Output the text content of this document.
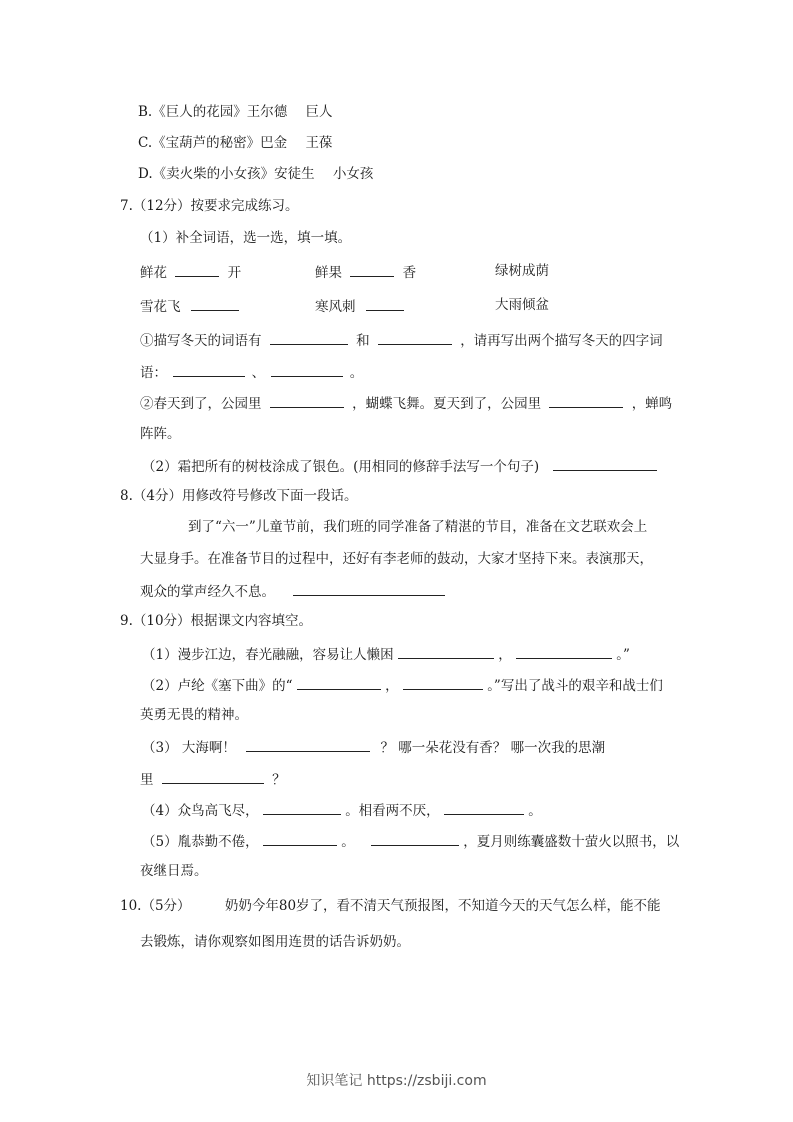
B.《巨人的花园》王尔德 巨人
C.《宝葫芦的秘密》巴金 王葆
D.《卖火柴的小女孩》安徒生 小女孩
7.（12分）按要求完成练习。
（1）补全词语，选一选，填一填。
鲜花	开	鲜果	香	绿树成荫
雪花飞	寒风刺	大雨倾盆
①描写冬天的词语有	和	，请再写出两个描写冬天的四字词
语：	、	。
②春天到了，公园里	，蝴蝶飞舞。夏天到了，公园里	，蝉鸣
阵阵。
（2）霜把所有的树枝涂成了银色。(用相同的修辞手法写一个句子)
8.（4分）用修改符号修改下面一段话。
到了“六一”儿童节前，我们班的同学准备了精湛的节目，准备在文艺联欢会上
大显身手。在准备节目的过程中，还好有李老师的鼓动，大家才坚持下来。表演那天，
观众的掌声经久不息。
9.（10分）根据课文内容填空。
（1）漫步江边，春光融融，容易让人懒困	，	。”
（2）卢纶《塞下曲》的“	，	。”写出了战斗的艰辛和战士们
英勇无畏的精神。
（3） 大海啊！	？ 哪一朵花没有香？ 哪一次我的思潮
里	？
（4）众鸟高飞尽，	。相看两不厌，	。
（5）胤恭勤不倦，	。	，夏月则练囊盛数十萤火以照书，以
夜继日焉。
10.（5分）	奶奶今年80岁了，看不清天气预报图，不知道今天的天气怎么样，能不能
去锻炼，请你观察如图用连贯的话告诉奶奶。
知识笔记 https://zsbiji.com
